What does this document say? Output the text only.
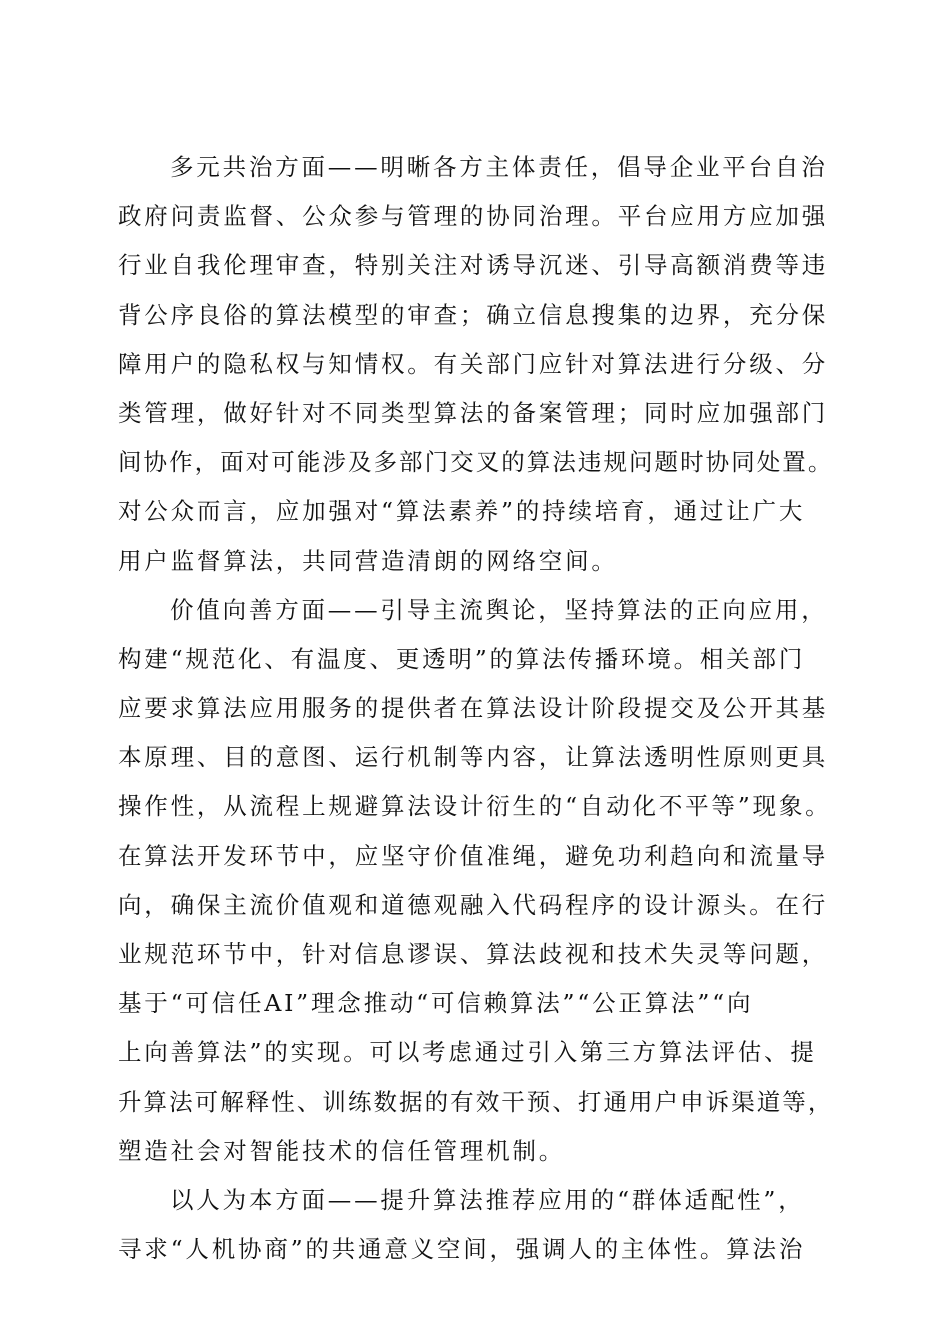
多元共治方面——明晰各方主体责任，倡导企业平台自治
政府问责监督、公众参与管理的协同治理。平台应用方应加强
行业自我伦理审查，特别关注对诱导沉迷、引导高额消费等违
背公序良俗的算法模型的审查；确立信息搜集的边界，充分保
障用户的隐私权与知情权。有关部门应针对算法进行分级、分
类管理，做好针对不同类型算法的备案管理；同时应加强部门
间协作，面对可能涉及多部门交叉的算法违规问题时协同处置。
对公众而言，应加强对“算法素养”的持续培育，通过让广大
用户监督算法，共同营造清朗的网络空间。
价值向善方面——引导主流舆论，坚持算法的正向应用，
构建“规范化、有温度、更透明”的算法传播环境。相关部门
应要求算法应用服务的提供者在算法设计阶段提交及公开其基
本原理、目的意图、运行机制等内容，让算法透明性原则更具
操作性，从流程上规避算法设计衍生的“自动化不平等”现象。
在算法开发环节中，应坚守价值准绳，避免功利趋向和流量导
向，确保主流价值观和道德观融入代码程序的设计源头。在行
业规范环节中，针对信息谬误、算法歧视和技术失灵等问题，
基于“可信任AI”理念推动“可信赖算法”“公正算法”“向
上向善算法”的实现。可以考虑通过引入第三方算法评估、提
升算法可解释性、训练数据的有效干预、打通用户申诉渠道等，
塑造社会对智能技术的信任管理机制。
以人为本方面——提升算法推荐应用的“群体适配性”，
寻求“人机协商”的共通意义空间，强调人的主体性。算法治
